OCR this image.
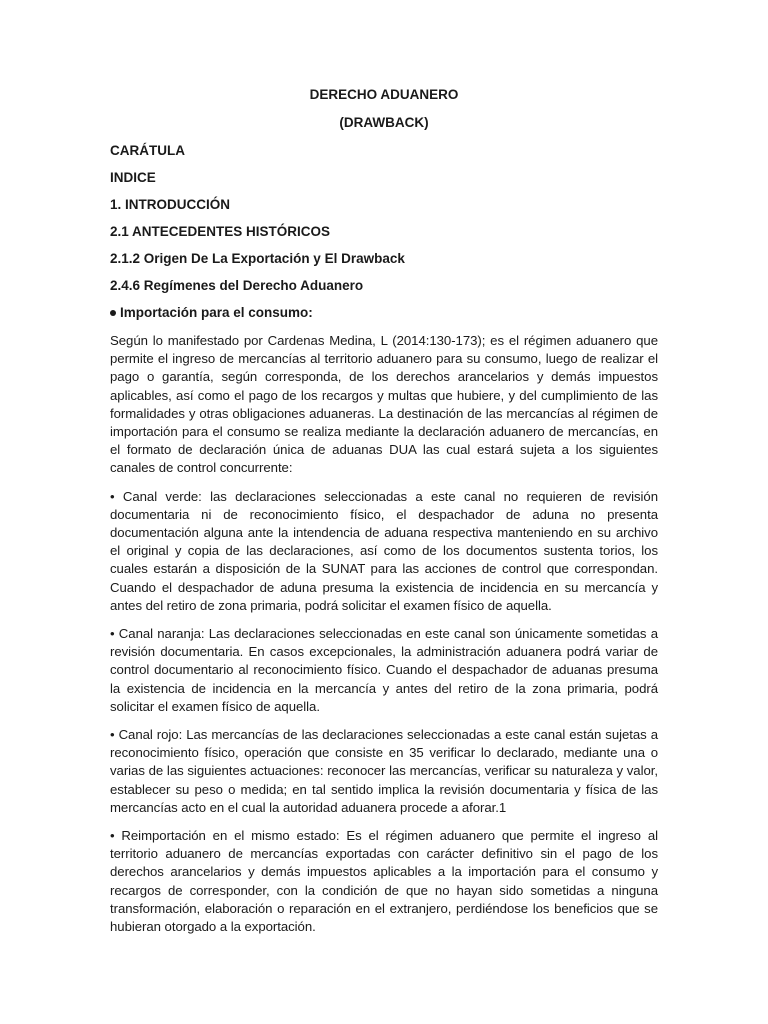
DERECHO ADUANERO

(DRAWBACK)

CARÁTULA

INDICE

1. INTRODUCCIÓN

2.1 ANTECEDENTES HISTÓRICOS

2.1.2 Origen De La Exportación y El Drawback

2.4.6 Regímenes del Derecho Aduanero

Importación para el consumo:

Según lo manifestado por Cardenas Medina, L (2014:130-173); es el régimen aduanero que permite el ingreso de mercancías al territorio aduanero para su consumo, luego de realizar el pago o garantía, según corresponda, de los derechos arancelarios y demás impuestos aplicables, así como el pago de los recargos y multas que hubiere, y del cumplimiento de las formalidades y otras obligaciones aduaneras. La destinación de las mercancías al régimen de importación para el consumo se realiza mediante la declaración aduanero de mercancías, en el formato de declaración única de aduanas DUA las cual estará sujeta a los siguientes canales de control concurrente:

• Canal verde: las declaraciones seleccionadas a este canal no requieren de revisión documentaria ni de reconocimiento físico, el despachador de aduna no presenta documentación alguna ante la intendencia de aduana respectiva manteniendo en su archivo el original y copia de las declaraciones, así como de los documentos sustenta torios, los cuales estarán a disposición de la SUNAT para las acciones de control que correspondan. Cuando el despachador de aduna presuma la existencia de incidencia en su mercancía y antes del retiro de zona primaria, podrá solicitar el examen físico de aquella.

• Canal naranja: Las declaraciones seleccionadas en este canal son únicamente sometidas a revisión documentaria. En casos excepcionales, la administración aduanera podrá variar de control documentario al reconocimiento físico. Cuando el despachador de aduanas presuma la existencia de incidencia en la mercancía y antes del retiro de la zona primaria, podrá solicitar el examen físico de aquella.

• Canal rojo: Las mercancías de las declaraciones seleccionadas a este canal están sujetas a reconocimiento físico, operación que consiste en 35 verificar lo declarado, mediante una o varias de las siguientes actuaciones: reconocer las mercancías, verificar su naturaleza y valor, establecer su peso o medida; en tal sentido implica la revisión documentaria y física de las mercancías acto en el cual la autoridad aduanera procede a aforar.1

• Reimportación en el mismo estado: Es el régimen aduanero que permite el ingreso al territorio aduanero de mercancías exportadas con carácter definitivo sin el pago de los derechos arancelarios y demás impuestos aplicables a la importación para el consumo y recargos de corresponder, con la condición de que no hayan sido sometidas a ninguna transformación, elaboración o reparación en el extranjero, perdiéndose los beneficios que se hubieran otorgado a la exportación.
